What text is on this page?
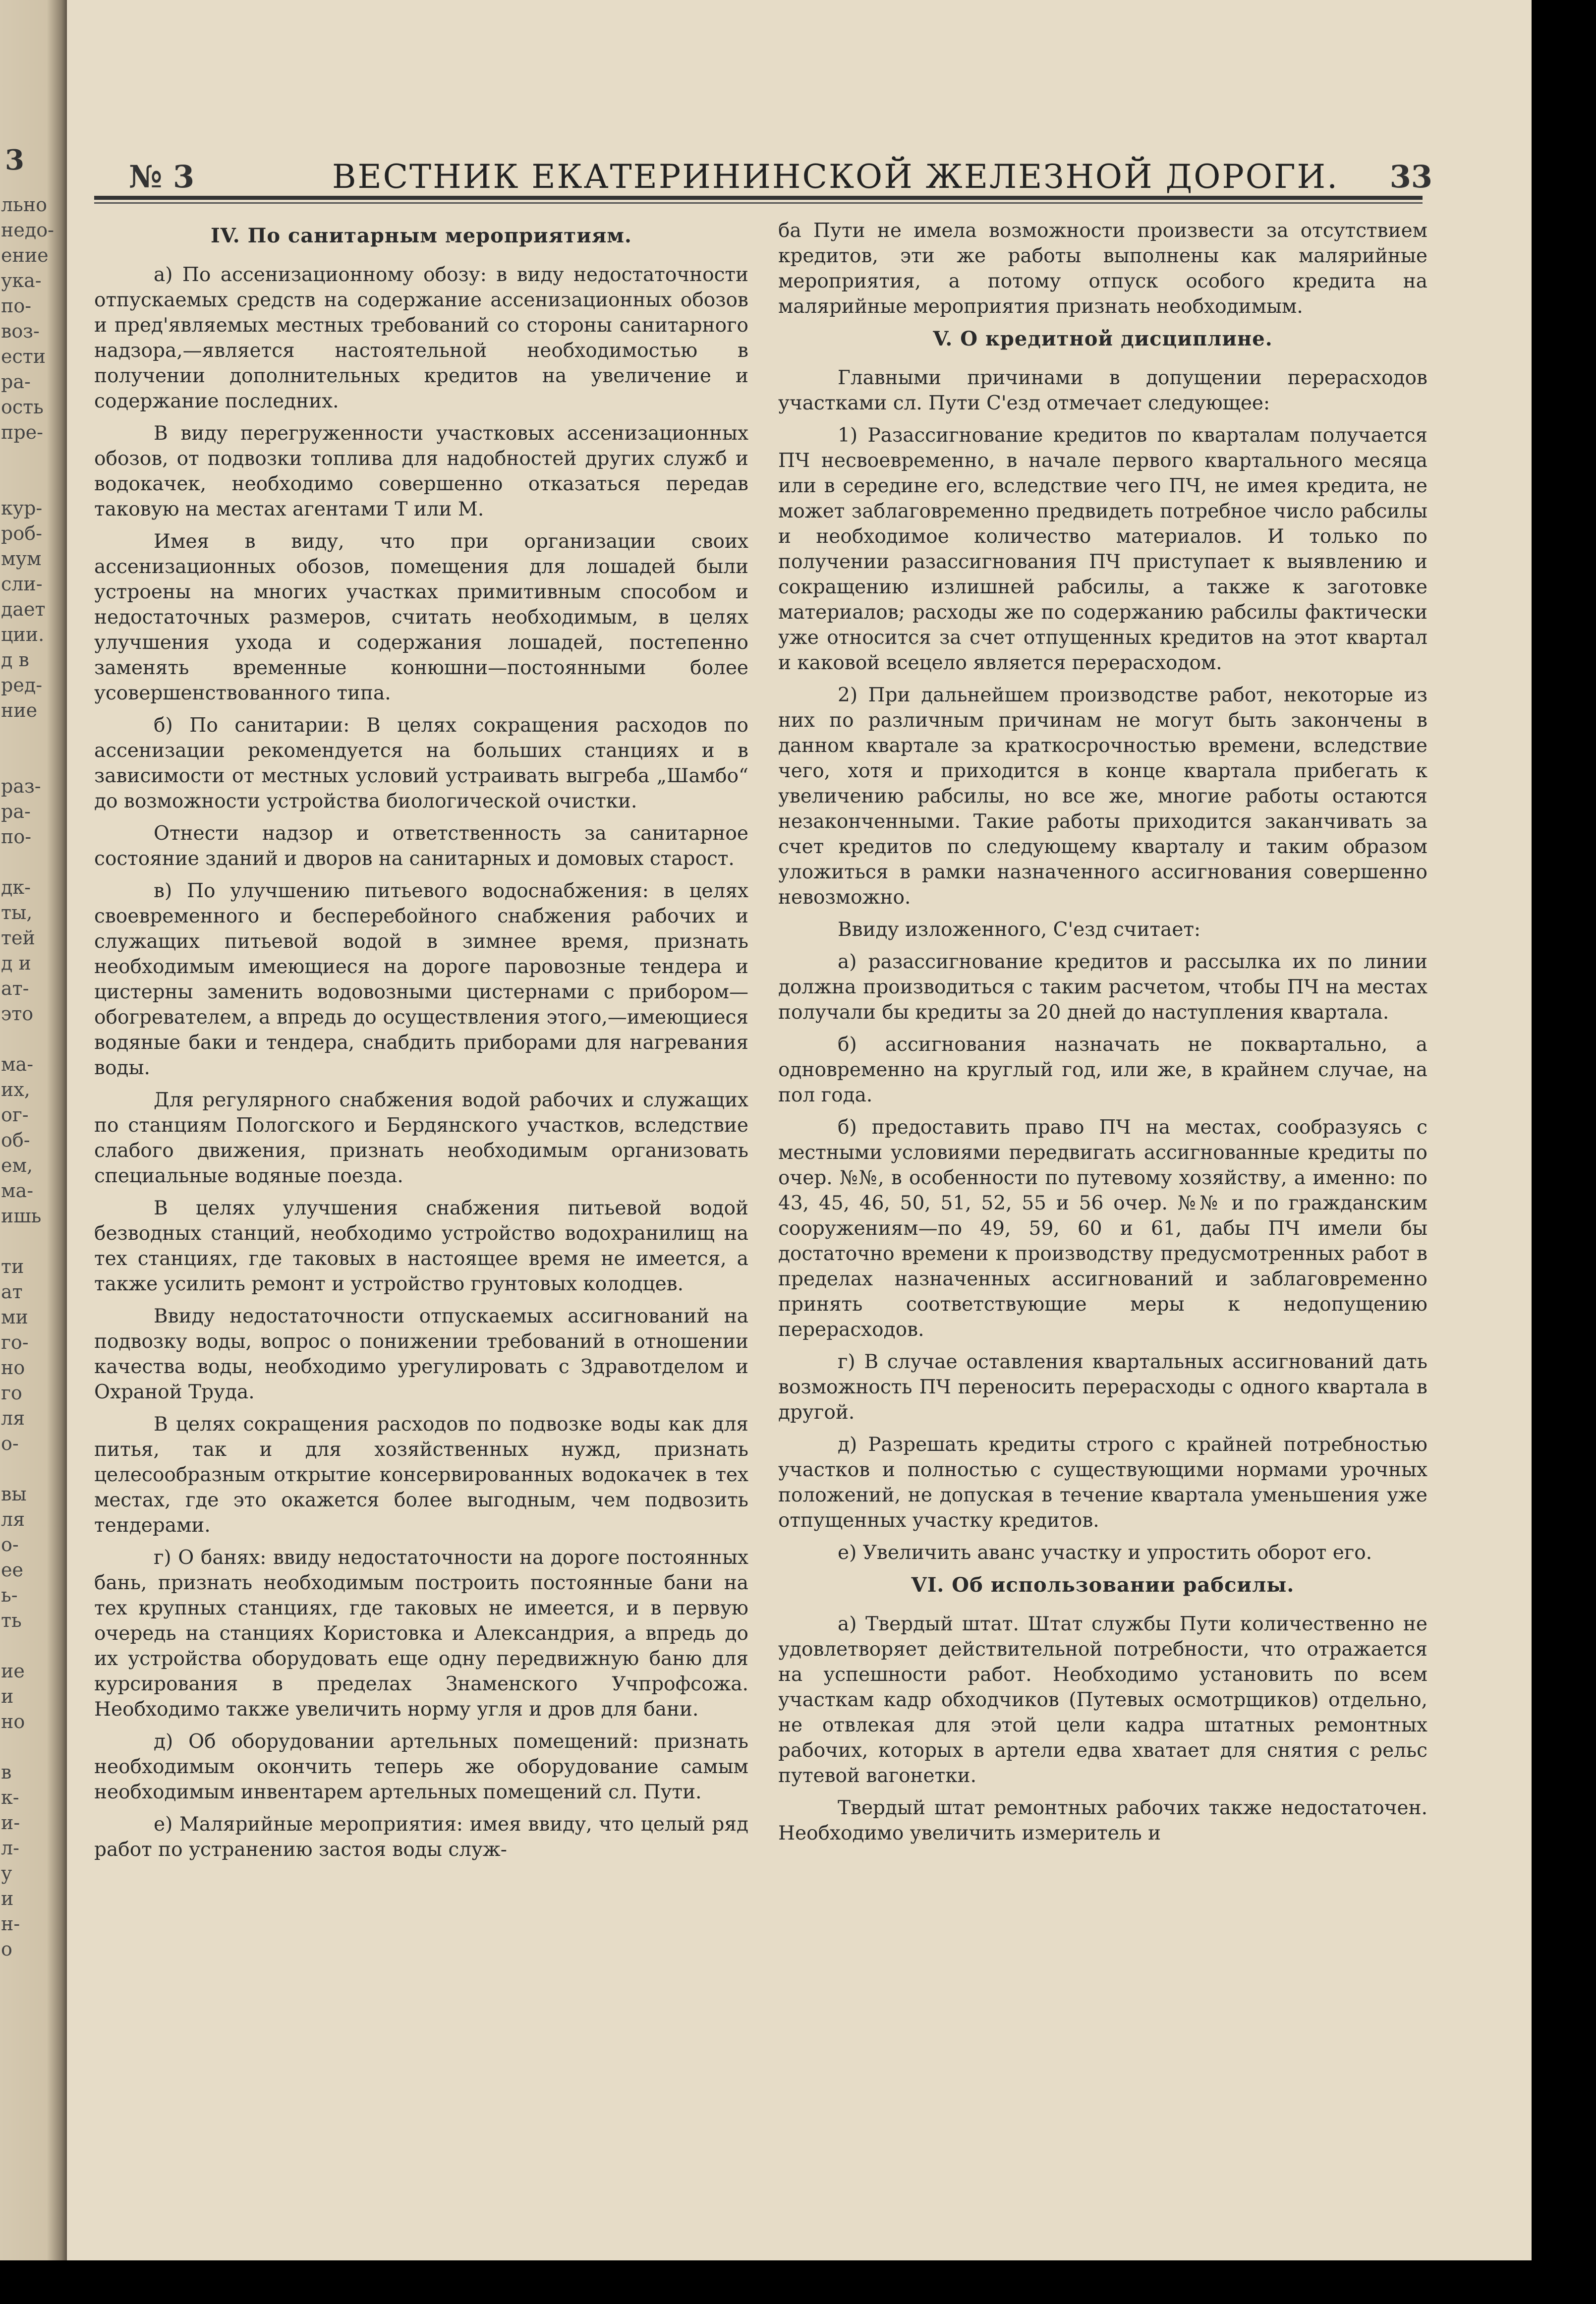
льно
недо-
ение
ука-
по-
воз-
ести
ра-
ость
пре-
кур-
роб-
мум
сли-
дает
ции.
д в
ред-
ние
раз-
ра-
по-
дк-
ты,
тей
д и
ат-
это
ма-
их,
ог-
об-
ем,
ма-
ишь
ти
ат
ми
го-
но
го
ля
о-
вы
ля
о-
ее
ь-
ть
ие
и
но
в
к-
и-
л-
у
и
н-
о
3	№ 3	ВЕСТНИК ЕКАТЕРИНИНСКОЙ ЖЕЛЕЗНОЙ ДОРОГИ. 33
IV. По санитарным мероприятиям.

а) По ассенизационному обозу: в виду недостаточности отпускаемых средств на содержание ассенизационных обозов и пред'являемых местных требований со стороны санитарного надзора,—является настоятельной необходимостью в получении дополнительных кредитов на увеличение и содержание последних.

В виду перегруженности участковых ассенизационных обозов, от подвозки топлива для надобностей других служб и водокачек, необходимо совершенно отказаться передав таковую на местах агентами Т или М.

Имея в виду, что при организации своих ассенизационных обозов, помещения для лошадей были устроены на многих участках примитивным способом и недостаточных размеров, считать необходимым, в целях улучшения ухода и содержания лошадей, постепенно заменять временные конюшни—постоянными более усовершенствованного типа.

б) По санитарии: В целях сокращения расходов по ассенизации рекомендуется на больших станциях и в зависимости от местных условий устраивать выгреба „Шамбо“ до возможности устройства биологической очистки.

Отнести надзор и ответственность за санитарное состояние зданий и дворов на санитарных и домовых старост.

в) По улучшению питьевого водоснабжения: в целях своевременного и бесперебойного снабжения рабочих и служащих питьевой водой в зимнее время, признать необходимым имеющиеся на дороге паровозные тендера и цистерны заменить водовозными цистернами с прибором—обогревателем, а впредь до осуществления этого,—имеющиеся водяные баки и тендера, снабдить приборами для нагревания воды.

Для регулярного снабжения водой рабочих и служащих по станциям Пологского и Бердянского участков, вследствие слабого движения, признать необходимым организовать специальные водяные поезда.

В целях улучшения снабжения питьевой водой безводных станций, необходимо устройство водохранилищ на тех станциях, где таковых в настоящее время не имеется, а также усилить ремонт и устройство грунтовых колодцев.

Ввиду недостаточности отпускаемых ассигнований на подвозку воды, вопрос о понижении требований в отношении качества воды, необходимо урегулировать с Здравотделом и Охраной Труда.

В целях сокращения расходов по подвозке воды как для питья, так и для хозяйственных нужд, признать целесообразным открытие консервированных водокачек в тех местах, где это окажется более выгодным, чем подвозить тендерами.

г) О банях: ввиду недостаточности на дороге постоянных бань, признать необходимым построить постоянные бани на тех крупных станциях, где таковых не имеется, и в первую очередь на станциях Користовка и Александрия, а впредь до их устройства оборудовать еще одну передвижную баню для курсирования в пределах Знаменского Учпрофсожа. Необходимо также увеличить норму угля и дров для бани.

д) Об оборудовании артельных помещений: признать необходимым окончить теперь же оборудование самым необходимым инвентарем артельных помещений сл. Пути.

е) Малярийные мероприятия: имея ввиду, что целый ряд работ по устранению застоя воды служ-

ба Пути не имела возможности произвести за отсутствием кредитов, эти же работы выполнены как малярийные мероприятия, а потому отпуск особого кредита на малярийные мероприятия признать необходимым.

V. О кредитной дисциплине.

Главными причинами в допущении перерасходов участками сл. Пути С'езд отмечает следующее:

1) Разассигнование кредитов по кварталам получается ПЧ несвоевременно, в начале первого квартального месяца или в середине его, вследствие чего ПЧ, не имея кредита, не может заблаговременно предвидеть потребное число рабсилы и необходимое количество материалов. И только по получении разассигнования ПЧ приступает к выявлению и сокращению излишней рабсилы, а также к заготовке материалов; расходы же по содержанию рабсилы фактически уже относится за счет отпущенных кредитов на этот квартал и каковой всецело является перерасходом.

2) При дальнейшем производстве работ, некоторые из них по различным причинам не могут быть закончены в данном квартале за краткосрочностью времени, вследствие чего, хотя и приходится в конце квартала прибегать к увеличению рабсилы, но все же, многие работы остаются незаконченными. Такие работы приходится заканчивать за счет кредитов по следующему кварталу и таким образом уложиться в рамки назначенного ассигнования совершенно невозможно.

Ввиду изложенного, С'езд считает:

а) разассигнование кредитов и рассылка их по линии должна производиться с таким расчетом, чтобы ПЧ на местах получали бы кредиты за 20 дней до наступления квартала.

б) ассигнования назначать не поквартально, а одновременно на круглый год, или же, в крайнем случае, на пол года.

б) предоставить право ПЧ на местах, сообразуясь с местными условиями передвигать ассигнованные кредиты по очер. №№, в особенности по путевому хозяйству, а именно: по 43, 45, 46, 50, 51, 52, 55 и 56 очер. №№ и по гражданским сооружениям—по 49, 59, 60 и 61, дабы ПЧ имели бы достаточно времени к производству предусмотренных работ в пределах назначенных ассигнований и заблаговременно принять соответствующие меры к недопущению перерасходов.

г) В случае оставления квартальных ассигнований дать возможность ПЧ переносить перерасходы с одного квартала в другой.

д) Разрешать кредиты строго с крайней потребностью участков и полностью с существующими нормами урочных положений, не допуская в течение квартала уменьшения уже отпущенных участку кредитов.

е) Увеличить аванс участку и упростить оборот его.

VI. Об использовании рабсилы.

а) Твердый штат. Штат службы Пути количественно не удовлетворяет действительной потребности, что отражается на успешности работ. Необходимо установить по всем участкам кадр обходчиков (Путевых осмотрщиков) отдельно, не отвлекая для этой цели кадра штатных ремонтных рабочих, которых в артели едва хватает для снятия с рельс путевой вагонетки.

Твердый штат ремонтных рабочих также недостаточен. Необходимо увеличить измеритель и
